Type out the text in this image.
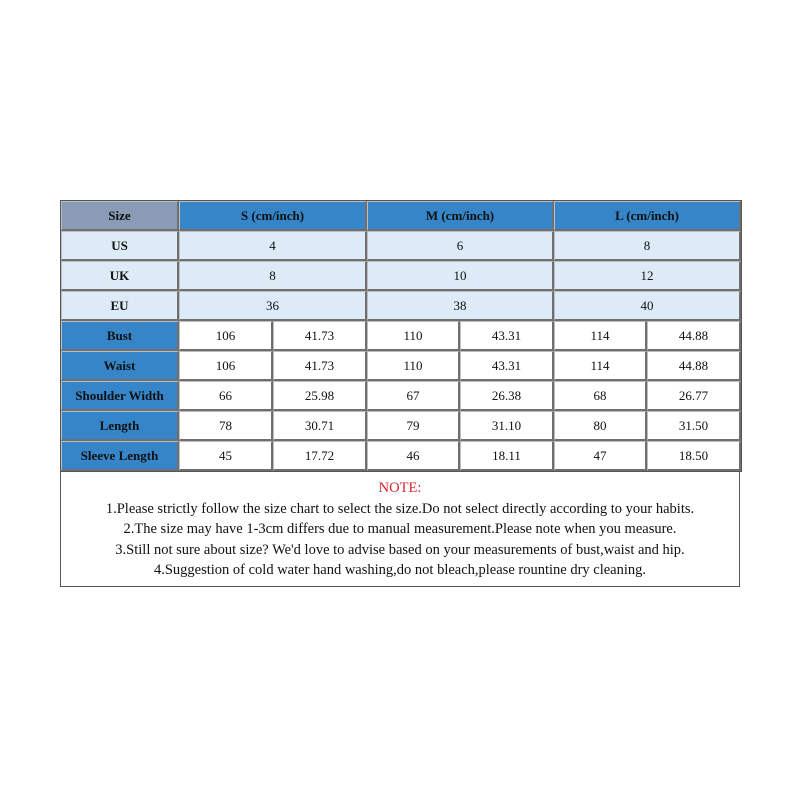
Size	S (cm/inch)		M (cm/inch)		L (cm/inch)	
US	4		6		8	
UK	8		10		12	
EU	36		38		40	
Bust	106	41.73	110	43.31	114	44.88
Waist	106	41.73	110	43.31	114	44.88
Shoulder Width	66	25.98	67	26.38	68	26.77
Length	78	30.71	79	31.10	80	31.50
Sleeve Length	45	17.72	46	18.11	47	18.50
NOTE:
1.Please strictly follow the size chart to select the size.Do not select directly according to your habits.
2.The size may have 1-3cm differs due to manual measurement.Please note when you measure.
3.Still not sure about size? We'd love to advise based on your measurements of bust,waist and hip.
4.Suggestion of cold water hand washing,do not bleach,please rountine dry cleaning.
